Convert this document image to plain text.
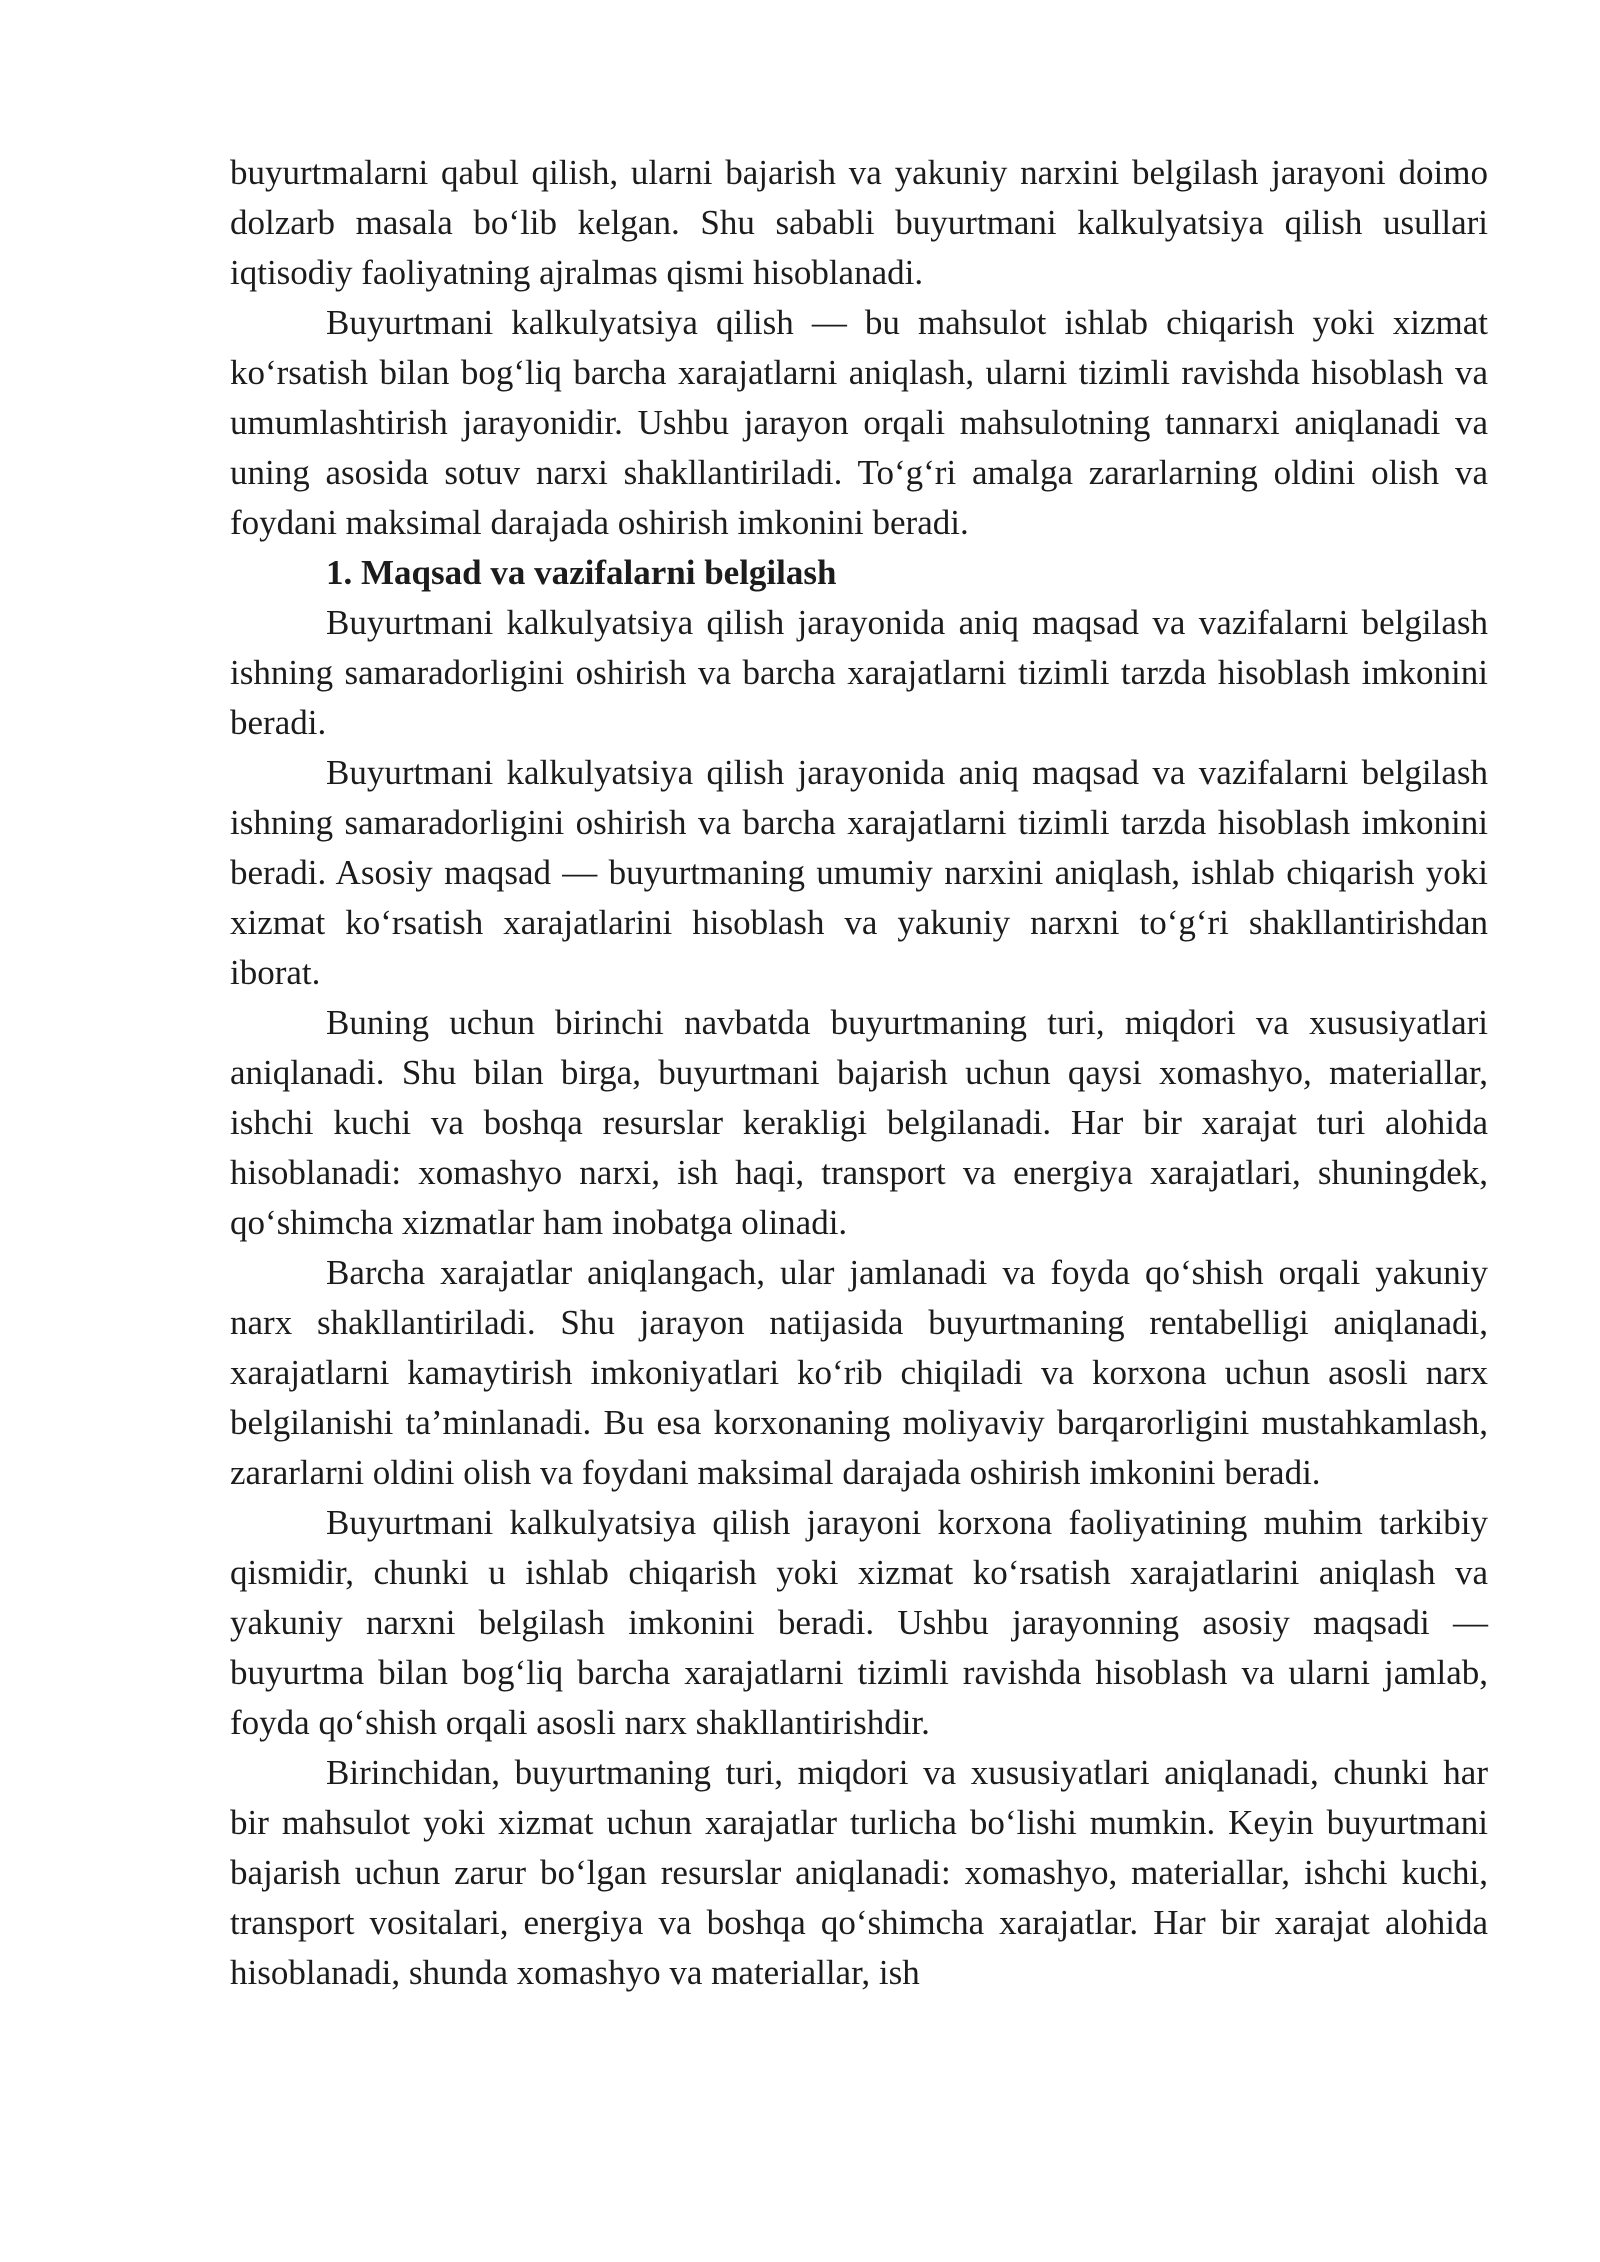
buyurtmalarni qabul qilish, ularni bajarish va yakuniy narxini belgilash jarayoni doimo dolzarb masala bo‘lib kelgan. Shu sababli buyurtmani kalkulyatsiya qilish usullari iqtisodiy faoliyatning ajralmas qismi hisoblanadi.

Buyurtmani kalkulyatsiya qilish — bu mahsulot ishlab chiqarish yoki xizmat ko‘rsatish bilan bog‘liq barcha xarajatlarni aniqlash, ularni tizimli ravishda hisoblash va umumlashtirish jarayonidir. Ushbu jarayon orqali mahsulotning tannarxi aniqlanadi va uning asosida sotuv narxi shakllantiriladi. To‘g‘ri amalga zararlarning oldini olish va foydani maksimal darajada oshirish imkonini beradi.

1. Maqsad va vazifalarni belgilash

Buyurtmani kalkulyatsiya qilish jarayonida aniq maqsad va vazifalarni belgilash ishning samaradorligini oshirish va barcha xarajatlarni tizimli tarzda hisoblash imkonini beradi.

Buyurtmani kalkulyatsiya qilish jarayonida aniq maqsad va vazifalarni belgilash ishning samaradorligini oshirish va barcha xarajatlarni tizimli tarzda hisoblash imkonini beradi. Asosiy maqsad — buyurtmaning umumiy narxini aniqlash, ishlab chiqarish yoki xizmat ko‘rsatish xarajatlarini hisoblash va yakuniy narxni to‘g‘ri shakllantirishdan iborat.

Buning uchun birinchi navbatda buyurtmaning turi, miqdori va xususiyatlari aniqlanadi. Shu bilan birga, buyurtmani bajarish uchun qaysi xomashyo, materiallar, ishchi kuchi va boshqa resurslar kerakligi belgilanadi. Har bir xarajat turi alohida hisoblanadi: xomashyo narxi, ish haqi, transport va energiya xarajatlari, shuningdek, qo‘shimcha xizmatlar ham inobatga olinadi.

Barcha xarajatlar aniqlangach, ular jamlanadi va foyda qo‘shish orqali yakuniy narx shakllantiriladi. Shu jarayon natijasida buyurtmaning rentabelligi aniqlanadi, xarajatlarni kamaytirish imkoniyatlari ko‘rib chiqiladi va korxona uchun asosli narx belgilanishi ta’minlanadi. Bu esa korxonaning moliyaviy barqarorligini mustahkamlash, zararlarni oldini olish va foydani maksimal darajada oshirish imkonini beradi.

Buyurtmani kalkulyatsiya qilish jarayoni korxona faoliyatining muhim tarkibiy qismidir, chunki u ishlab chiqarish yoki xizmat ko‘rsatish xarajatlarini aniqlash va yakuniy narxni belgilash imkonini beradi. Ushbu jarayonning asosiy maqsadi — buyurtma bilan bog‘liq barcha xarajatlarni tizimli ravishda hisoblash va ularni jamlab, foyda qo‘shish orqali asosli narx shakllantirishdir.

Birinchidan, buyurtmaning turi, miqdori va xususiyatlari aniqlanadi, chunki har bir mahsulot yoki xizmat uchun xarajatlar turlicha bo‘lishi mumkin. Keyin buyurtmani bajarish uchun zarur bo‘lgan resurslar aniqlanadi: xomashyo, materiallar, ishchi kuchi, transport vositalari, energiya va boshqa qo‘shimcha xarajatlar. Har bir xarajat alohida hisoblanadi, shunda xomashyo va materiallar, ish
